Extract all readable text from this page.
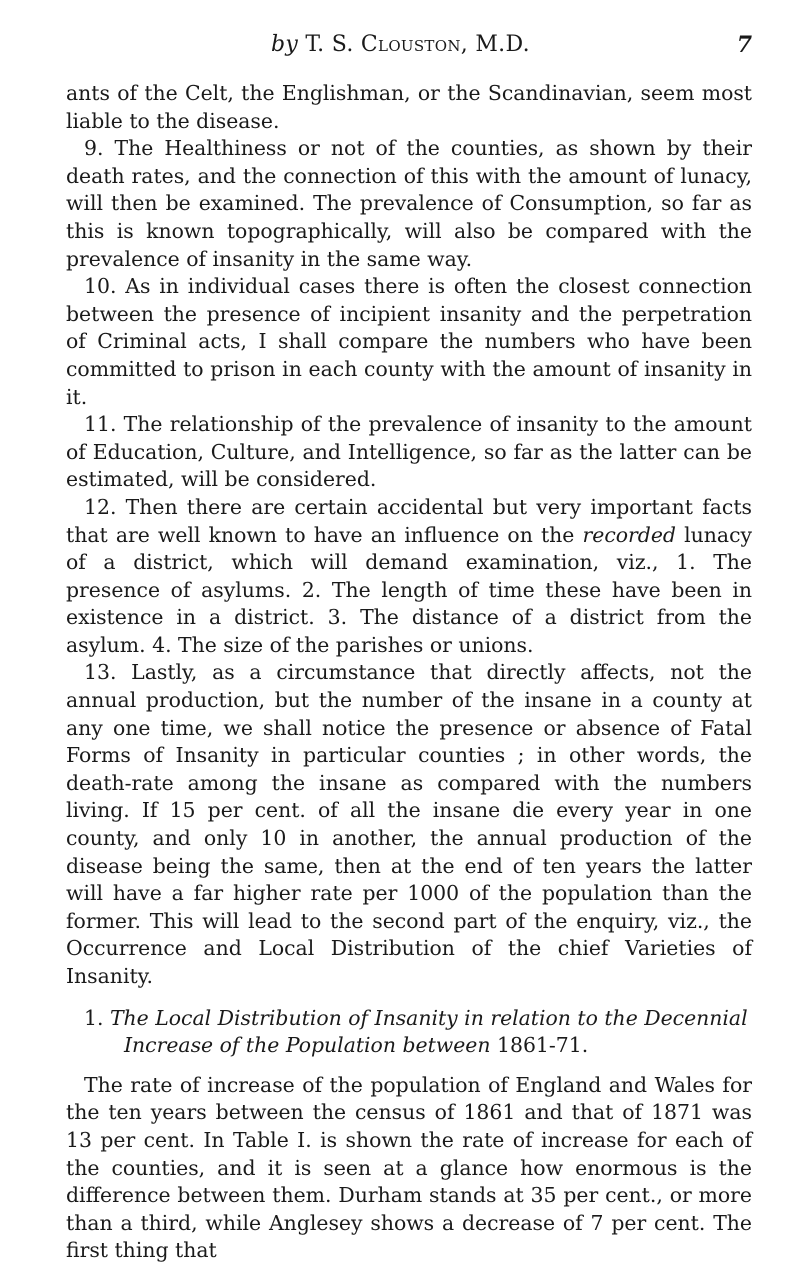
by T. S. Clouston, M.D.	7

ants of the Celt, the Englishman, or the Scandinavian, seem most liable to the disease.

9. The Healthiness or not of the counties, as shown by their death rates, and the connection of this with the amount of lunacy, will then be examined. The prevalence of Consumption, so far as this is known topographically, will also be compared with the prevalence of insanity in the same way.

10. As in individual cases there is often the closest connection between the presence of incipient insanity and the perpetration of Criminal acts, I shall compare the numbers who have been committed to prison in each county with the amount of insanity in it.

11. The relationship of the prevalence of insanity to the amount of Education, Culture, and Intelligence, so far as the latter can be estimated, will be considered.

12. Then there are certain accidental but very important facts that are well known to have an influence on the recorded lunacy of a district, which will demand examination, viz., 1. The presence of asylums. 2. The length of time these have been in existence in a district. 3. The distance of a district from the asylum. 4. The size of the parishes or unions.

13. Lastly, as a circumstance that directly affects, not the annual production, but the number of the insane in a county at any one time, we shall notice the presence or absence of Fatal Forms of Insanity in particular counties ; in other words, the death-rate among the insane as compared with the numbers living. If 15 per cent. of all the insane die every year in one county, and only 10 in another, the annual production of the disease being the same, then at the end of ten years the latter will have a far higher rate per 1000 of the population than the former. This will lead to the second part of the enquiry, viz., the Occurrence and Local Distribution of the chief Varieties of Insanity.

1. The Local Distribution of Insanity in relation to the Decennial
Increase of the Population between 1861-71.

The rate of increase of the population of England and Wales for the ten years between the census of 1861 and that of 1871 was 13 per cent. In Table I. is shown the rate of increase for each of the counties, and it is seen at a glance how enormous is the difference between them. Durham stands at 35 per cent., or more than a third, while Anglesey shows a decrease of 7 per cent. The first thing that
